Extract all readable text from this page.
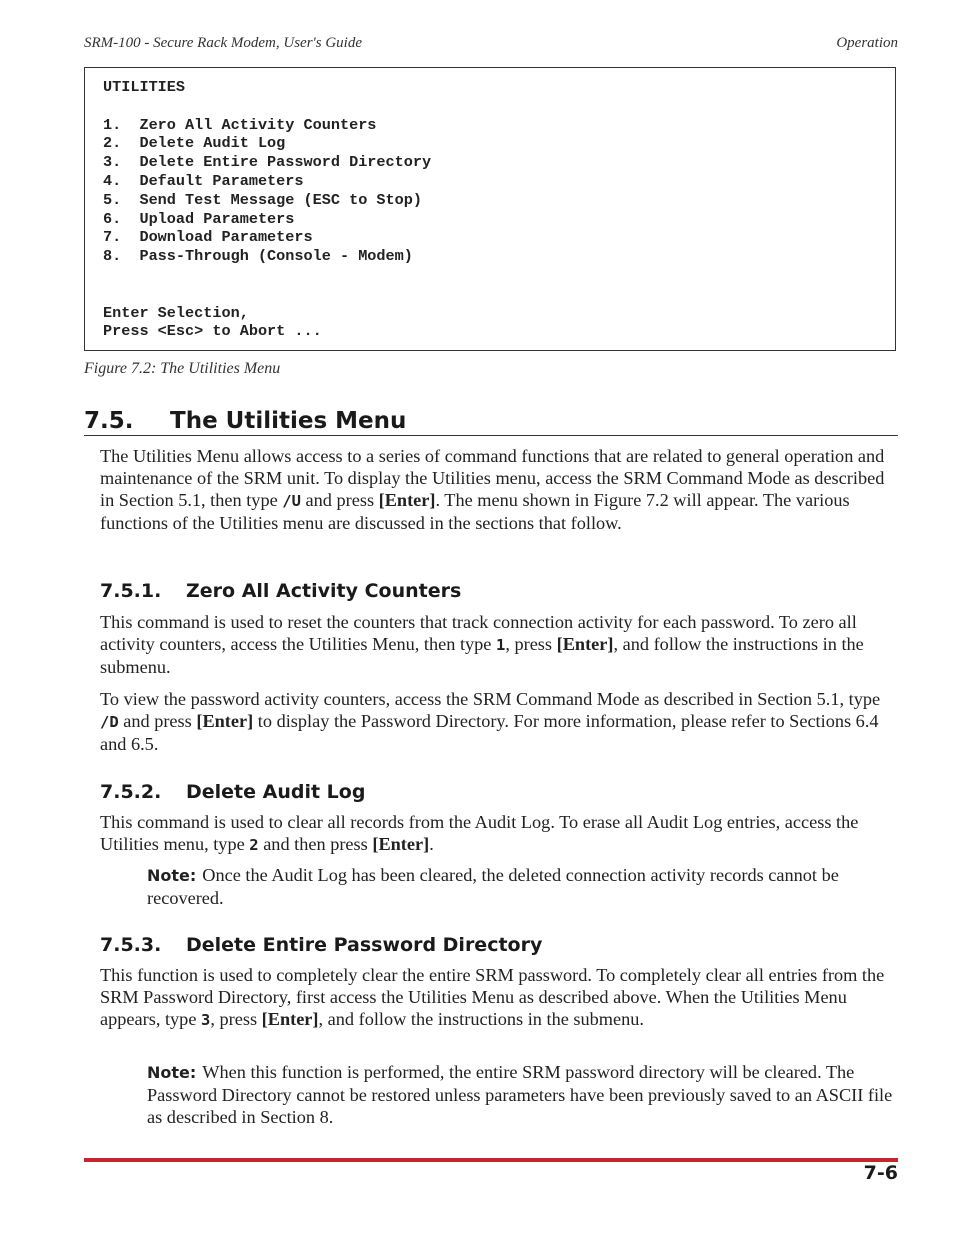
SRM-100 - Secure Rack Modem, User's Guide	Operation
UTILITIES

1.  Zero All Activity Counters
2.  Delete Audit Log
3.  Delete Entire Password Directory
4.  Default Parameters
5.  Send Test Message (ESC to Stop)
6.  Upload Parameters
7.  Download Parameters
8.  Pass-Through (Console - Modem)

Enter Selection,
Press <Esc> to Abort ...
Figure 7.2: The Utilities Menu
7.5. The Utilities Menu

The Utilities Menu allows access to a series of command functions that are related to general operation and maintenance of the SRM unit. To display the Utilities menu, access the SRM Command Mode as described in Section 5.1, then type /U and press [Enter]. The menu shown in Figure 7.2 will appear. The various functions of the Utilities menu are discussed in the sections that follow.

7.5.1. Zero All Activity Counters

This command is used to reset the counters that track connection activity for each password. To zero all activity counters, access the Utilities Menu, then type 1, press [Enter], and follow the instructions in the submenu.

To view the password activity counters, access the SRM Command Mode as described in Section 5.1, type /D and press [Enter] to display the Password Directory. For more information, please refer to Sections 6.4 and 6.5.

7.5.2. Delete Audit Log

This command is used to clear all records from the Audit Log. To erase all Audit Log entries, access the Utilities menu, type 2 and then press [Enter].

Note: Once the Audit Log has been cleared, the deleted connection activity records cannot be recovered.

7.5.3. Delete Entire Password Directory

This function is used to completely clear the entire SRM password. To completely clear all entries from the SRM Password Directory, first access the Utilities Menu as described above. When the Utilities Menu appears, type 3, press [Enter], and follow the instructions in the submenu.

Note: When this function is performed, the entire SRM password directory will be cleared. The Password Directory cannot be restored unless parameters have been previously saved to an ASCII file as described in Section 8.

7-6
